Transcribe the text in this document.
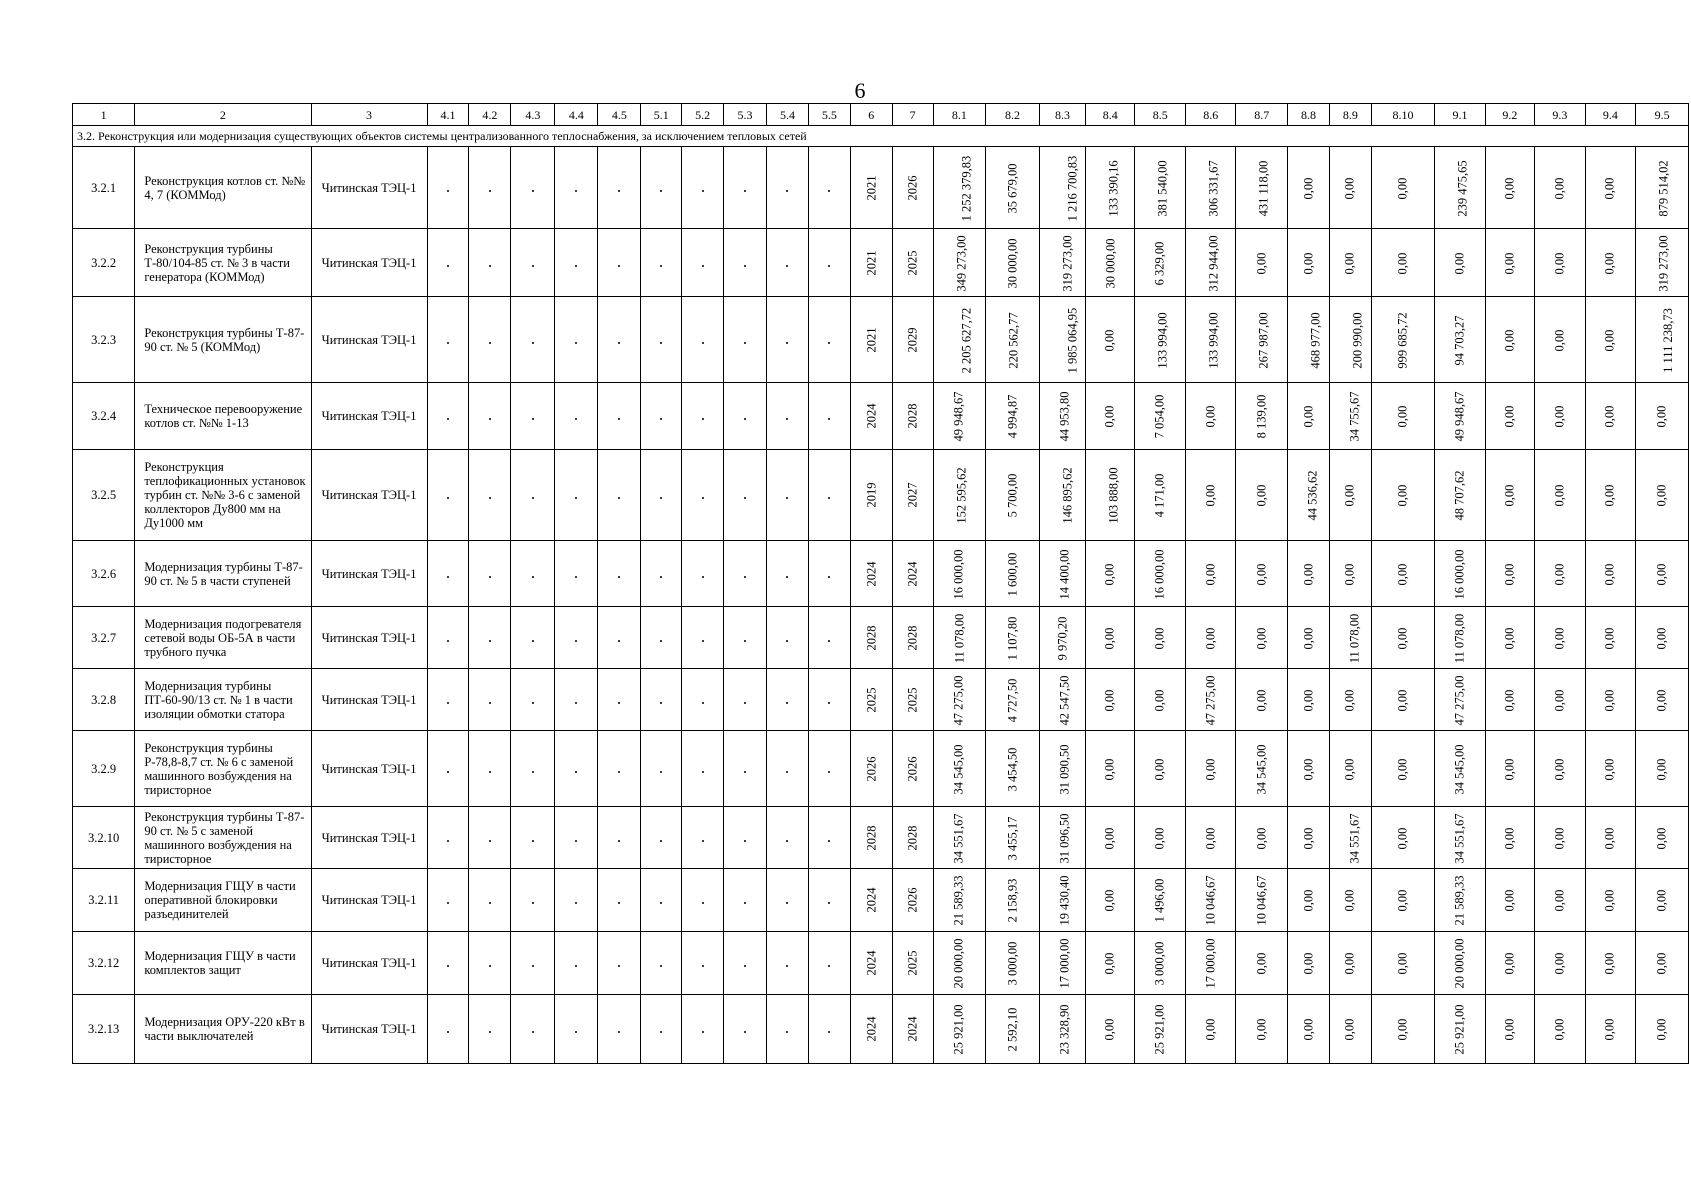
6
1	2	3	4.1	4.2	4.3	4.4	4.5	5.1	5.2	5.3	5.4	5.5	6	7	8.1	8.2	8.3	8.4	8.5	8.6	8.7	8.8	8.9	8.10	9.1	9.2	9.3	9.4	9.5
3.2. Реконструкция или модернизация существующих объектов системы централизованного теплоснабжения, за исключением тепловых сетей																													
3.2.1	Реконструкция котлов ст. №№ 4, 7 (КОММод)	Читинская ТЭЦ-1											2021	2026	1 252 379,83	35 679,00	1 216 700,83	133 390,16	381 540,00	306 331,67	431 118,00	0,00	0,00	0,00	239 475,65	0,00	0,00	0,00	879 514,02
3.2.2	Реконструкция турбины Т-80/104-85 ст. № 3 в части генератора (КОММод)	Читинская ТЭЦ-1											2021	2025	349 273,00	30 000,00	319 273,00	30 000,00	6 329,00	312 944,00	0,00	0,00	0,00	0,00	0,00	0,00	0,00	0,00	319 273,00
3.2.3	Реконструкция турбины Т-87-90 ст. № 5 (КОММод)	Читинская ТЭЦ-1											2021	2029	2 205 627,72	220 562,77	1 985 064,95	0,00	133 994,00	133 994,00	267 987,00	468 977,00	200 990,00	999 685,72	94 703,27	0,00	0,00	0,00	1 111 238,73
3.2.4	Техническое перевооружение котлов ст. №№ 1-13	Читинская ТЭЦ-1											2024	2028	49 948,67	4 994,87	44 953,80	0,00	7 054,00	0,00	8 139,00	0,00	34 755,67	0,00	49 948,67	0,00	0,00	0,00	0,00
3.2.5	Реконструкция теплофикационных установок турбин ст. №№ 3-6 с заменой коллекторов Ду800 мм на Ду1000 мм	Читинская ТЭЦ-1											2019	2027	152 595,62	5 700,00	146 895,62	103 888,00	4 171,00	0,00	0,00	44 536,62	0,00	0,00	48 707,62	0,00	0,00	0,00	0,00
3.2.6	Модернизация турбины Т-87-90 ст. № 5 в части ступеней	Читинская ТЭЦ-1											2024	2024	16 000,00	1 600,00	14 400,00	0,00	16 000,00	0,00	0,00	0,00	0,00	0,00	16 000,00	0,00	0,00	0,00	0,00
3.2.7	Модернизация подогревателя сетевой воды ОБ-5А в части трубного пучка	Читинская ТЭЦ-1											2028	2028	11 078,00	1 107,80	9 970,20	0,00	0,00	0,00	0,00	0,00	11 078,00	0,00	11 078,00	0,00	0,00	0,00	0,00
3.2.8	Модернизация турбины ПТ-60-90/13 ст. № 1 в части изоляции обмотки статора	Читинская ТЭЦ-1											2025	2025	47 275,00	4 727,50	42 547,50	0,00	0,00	47 275,00	0,00	0,00	0,00	0,00	47 275,00	0,00	0,00	0,00	0,00
3.2.9	Реконструкция турбины Р-78,8-8,7 ст. № 6 с заменой машинного возбуждения на тиристорное	Читинская ТЭЦ-1											2026	2026	34 545,00	3 454,50	31 090,50	0,00	0,00	0,00	34 545,00	0,00	0,00	0,00	34 545,00	0,00	0,00	0,00	0,00
3.2.10	Реконструкция турбины Т-87-90 ст. № 5 с заменой машинного возбуждения на тиристорное	Читинская ТЭЦ-1											2028	2028	34 551,67	3 455,17	31 096,50	0,00	0,00	0,00	0,00	0,00	34 551,67	0,00	34 551,67	0,00	0,00	0,00	0,00
3.2.11	Модернизация ГЩУ в части оперативной блокировки разъединителей	Читинская ТЭЦ-1											2024	2026	21 589,33	2 158,93	19 430,40	0,00	1 496,00	10 046,67	10 046,67	0,00	0,00	0,00	21 589,33	0,00	0,00	0,00	0,00
3.2.12	Модернизация ГЩУ в части комплектов защит	Читинская ТЭЦ-1											2024	2025	20 000,00	3 000,00	17 000,00	0,00	3 000,00	17 000,00	0,00	0,00	0,00	0,00	20 000,00	0,00	0,00	0,00	0,00
3.2.13	Модернизация ОРУ-220 кВт в части выключателей	Читинская ТЭЦ-1											2024	2024	25 921,00	2 592,10	23 328,90	0,00	25 921,00	0,00	0,00	0,00	0,00	0,00	25 921,00	0,00	0,00	0,00	0,00
